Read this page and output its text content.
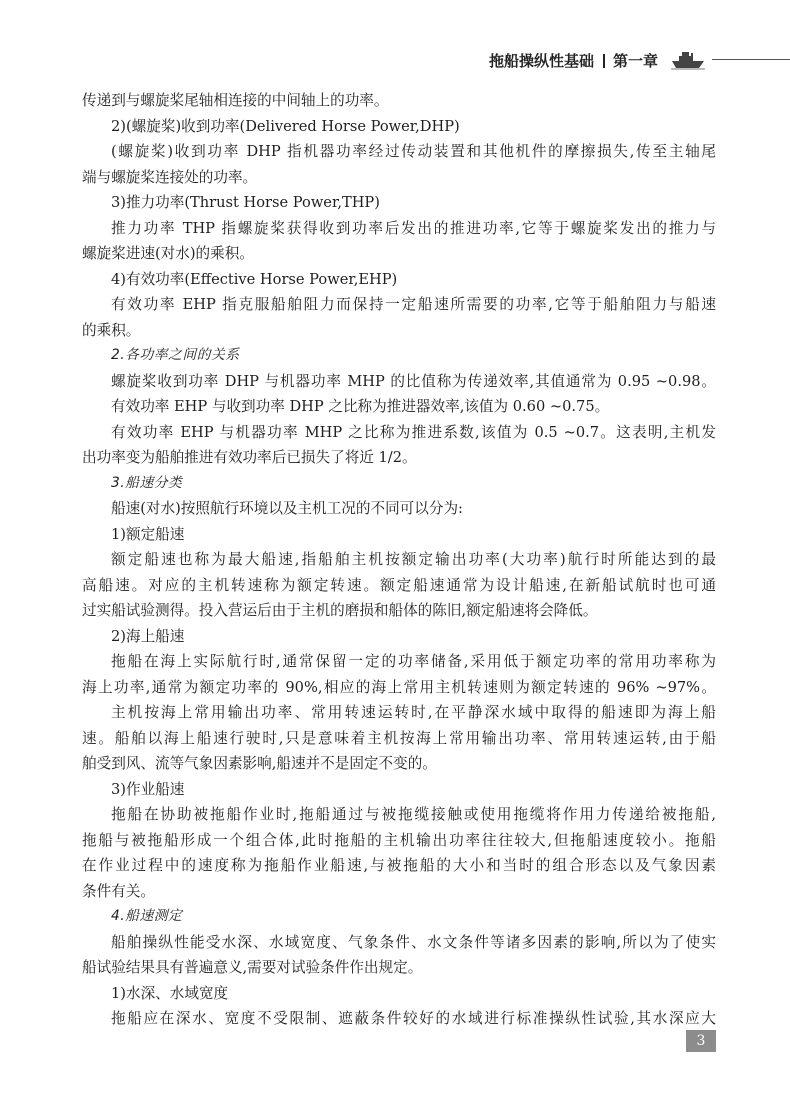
拖船操纵性基础 第一章
传递到与螺旋桨尾轴相连接的中间轴上的功率。
2)(螺旋桨)收到功率(Delivered Horse Power,DHP)
(螺旋桨)收到功率 DHP 指机器功率经过传动装置和其他机件的摩擦损失,传至主轴尾
端与螺旋桨连接处的功率。
3)推力功率(Thrust Horse Power,THP)
推力功率 THP 指螺旋桨获得收到功率后发出的推进功率,它等于螺旋桨发出的推力与
螺旋桨进速(对水)的乘积。
4)有效功率(Effective Horse Power,EHP)
有效功率 EHP 指克服船舶阻力而保持一定船速所需要的功率,它等于船舶阻力与船速
的乘积。
2.各功率之间的关系
螺旋桨收到功率 DHP 与机器功率 MHP 的比值称为传递效率,其值通常为 0.95 ~0.98。
有效功率 EHP 与收到功率 DHP 之比称为推进器效率,该值为 0.60 ~0.75。
有效功率 EHP 与机器功率 MHP 之比称为推进系数,该值为 0.5 ~0.7。这表明,主机发
出功率变为船舶推进有效功率后已损失了将近 1/2。
3.船速分类
船速(对水)按照航行环境以及主机工况的不同可以分为:
1)额定船速
额定船速也称为最大船速,指船舶主机按额定输出功率(大功率)航行时所能达到的最
高船速。对应的主机转速称为额定转速。额定船速通常为设计船速,在新船试航时也可通
过实船试验测得。投入营运后由于主机的磨损和船体的陈旧,额定船速将会降低。
2)海上船速
拖船在海上实际航行时,通常保留一定的功率储备,采用低于额定功率的常用功率称为
海上功率,通常为额定功率的 90%,相应的海上常用主机转速则为额定转速的 96% ~97%。
主机按海上常用输出功率、常用转速运转时,在平静深水域中取得的船速即为海上船
速。船舶以海上船速行驶时,只是意味着主机按海上常用输出功率、常用转速运转,由于船
舶受到风、流等气象因素影响,船速并不是固定不变的。
3)作业船速
拖船在协助被拖船作业时,拖船通过与被拖缆接触或使用拖缆将作用力传递给被拖船,
拖船与被拖船形成一个组合体,此时拖船的主机输出功率往往较大,但拖船速度较小。拖船
在作业过程中的速度称为拖船作业船速,与被拖船的大小和当时的组合形态以及气象因素
条件有关。
4.船速测定
船舶操纵性能受水深、水域宽度、气象条件、水文条件等诸多因素的影响,所以为了使实
船试验结果具有普遍意义,需要对试验条件作出规定。
1)水深、水域宽度
拖船应在深水、宽度不受限制、遮蔽条件较好的水域进行标准操纵性试验,其水深应大
3
